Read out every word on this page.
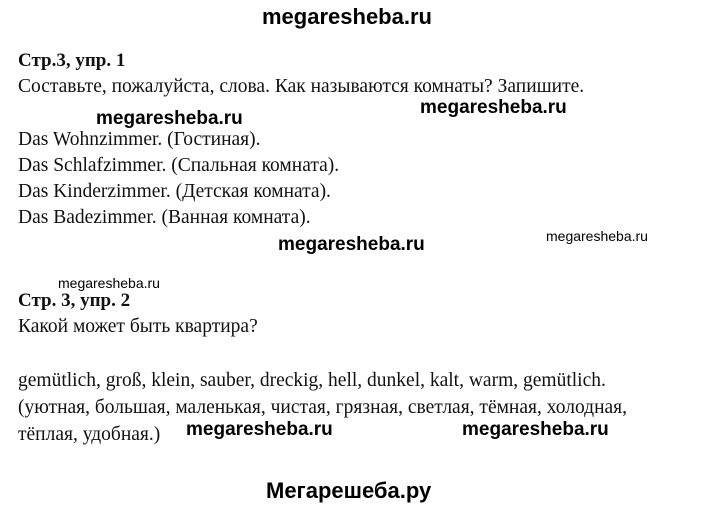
megaresheba.ru
Стр.3, упр. 1
Составьте, пожалуйста, слова. Как называются комнаты? Запишите.
megaresheba.ru
megaresheba.ru
Das Wohnzimmer. (Гостиная).
Das Schlafzimmer. (Спальная комната).
Das Kinderzimmer. (Детская комната).
Das Badezimmer. (Ванная комната).
megaresheba.ru	megaresheba.ru
megaresheba.ru
Стр. 3, упр. 2
Какой может быть квартира?
gemütlich, groß, klein, sauber, dreckig, hell, dunkel, kalt, warm, gemütlich.
(уютная, большая, маленькая, чистая, грязная, светлая, тёмная, холодная,
тёплая, удобная.) megaresheba.ru	megaresheba.ru
Мегарешеба.ру
